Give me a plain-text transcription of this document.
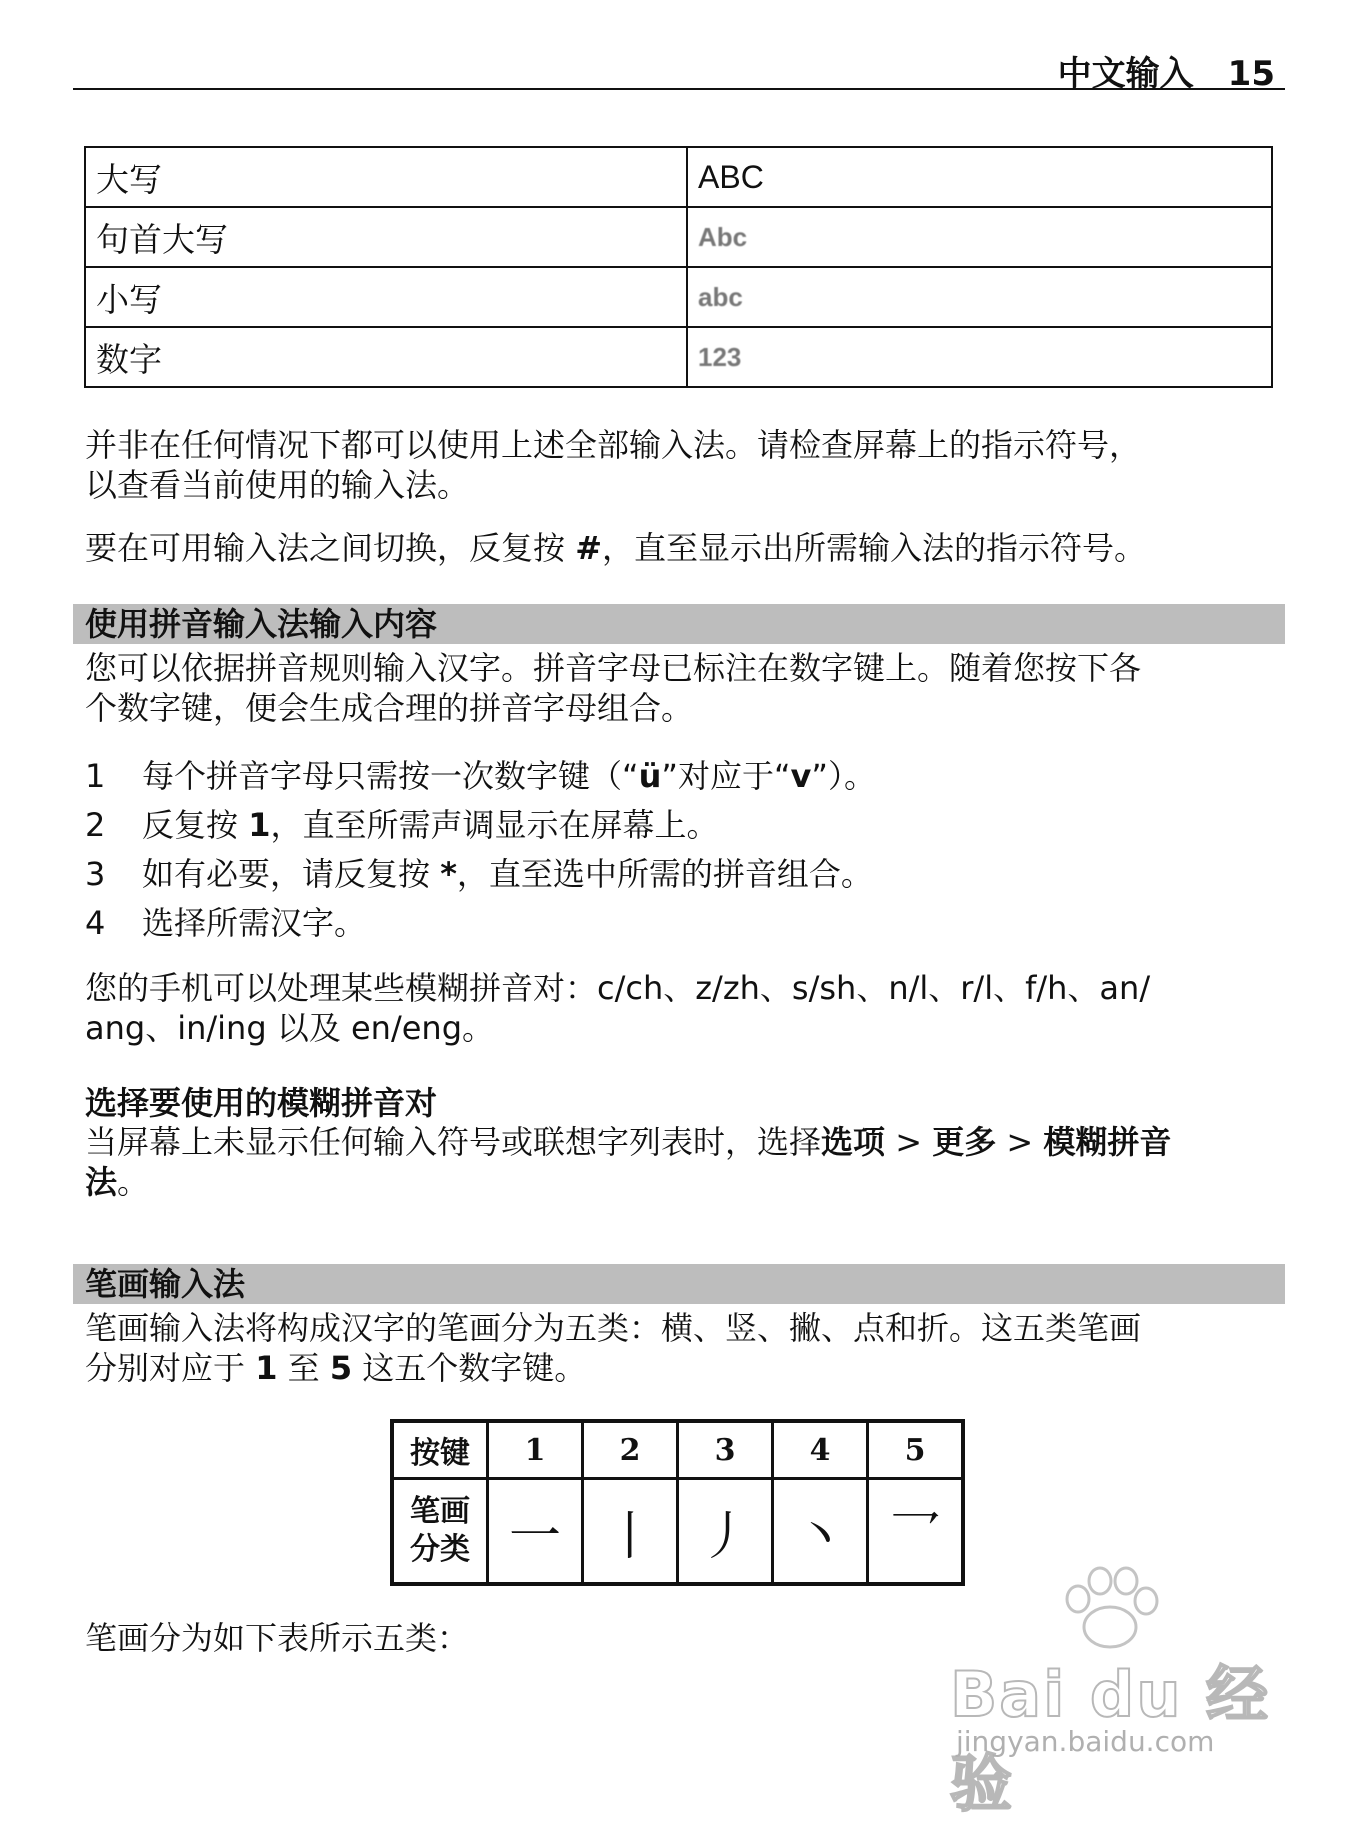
中文输入 15
大写	ABC
句首大写	Abc
小写	abc
数字	123
并非在任何情况下都可以使用上述全部输入法。请检查屏幕上的指示符号，
以查看当前使用的输入法。
要在可用输入法之间切换，反复按 #，直至显示出所需输入法的指示符号。
使用拼音输入法输入内容
您可以依据拼音规则输入汉字。拼音字母已标注在数字键上。随着您按下各
个数字键，便会生成合理的拼音字母组合。
1	每个拼音字母只需按一次数字键（“ü”对应于“v”）。
2	反复按 1，直至所需声调显示在屏幕上。
3	如有必要，请反复按 *，直至选中所需的拼音组合。
4	选择所需汉字。
您的手机可以处理某些模糊拼音对：c/ch、z/zh、s/sh、n/l、r/l、f/h、an/
ang、in/ing 以及 en/eng。
选择要使用的模糊拼音对
当屏幕上未显示任何输入符号或联想字列表时，选择选项 > 更多 > 模糊拼音
法。
笔画输入法
笔画输入法将构成汉字的笔画分为五类：横、竖、撇、点和折。这五类笔画
分别对应于 1 至 5 这五个数字键。
按键	1	2	3	4	5
笔画
分类	一	丨	丿	丶	乛
笔画分为如下表所示五类：
Bai du 经验
jingyan.baidu.com
